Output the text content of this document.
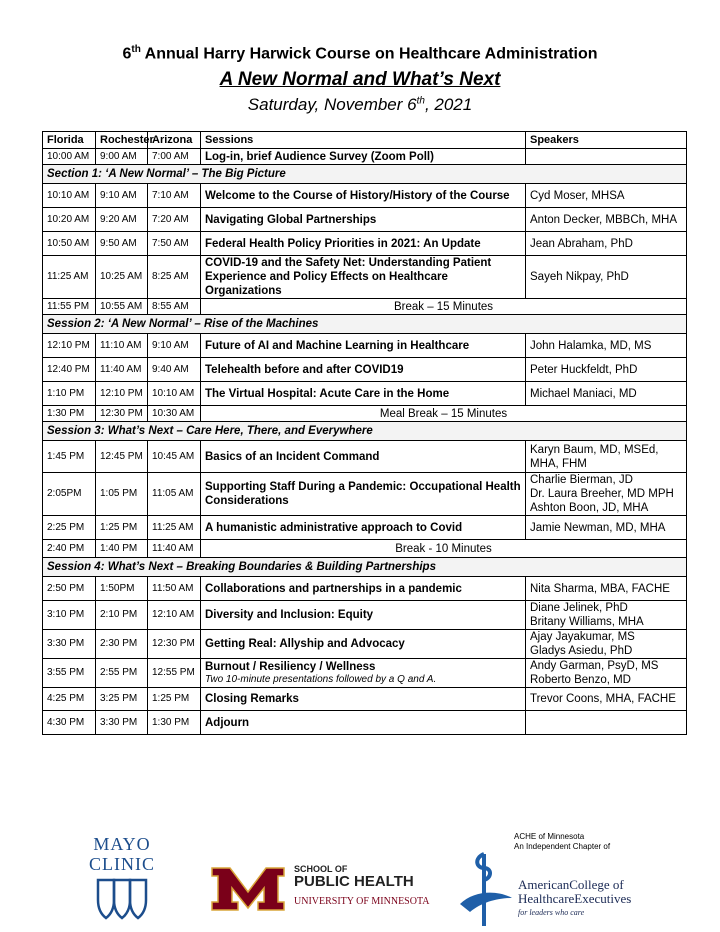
6th Annual Harry Harwick Course on Healthcare Administration
A New Normal and What’s Next
Saturday, November 6th, 2021
Florida	Rochester	Arizona	Sessions	Speakers
10:00 AM	9:00 AM	7:00 AM	Log-in, brief Audience Survey (Zoom Poll)	
Section 1: ‘A New Normal’ – The Big Picture				
10:10 AM	9:10 AM	7:10 AM	Welcome to the Course of History/History of the Course	Cyd Moser, MHSA

10:20 AM	9:20 AM	7:20 AM	Navigating Global Partnerships	Anton Decker, MBBCh, MHA

10:50 AM	9:50 AM	7:50 AM	Federal Health Policy Priorities in 2021: An Update	Jean Abraham, PhD

11:25 AM	10:25 AM	8:25 AM	COVID-19 and the Safety Net: Understanding Patient Experience and Policy Effects on Healthcare Organizations	Sayeh Nikpay, PhD

11:55 PM	10:55 AM	8:55 AM	Break – 15 Minutes	
Session 2: ‘A New Normal’ – Rise of the Machines				
12:10 PM	11:10 AM	9:10 AM	Future of AI and Machine Learning in Healthcare	John Halamka, MD, MS

12:40 PM	11:40 AM	9:40 AM	Telehealth before and after COVID19	Peter Huckfeldt, PhD

1:10 PM	12:10 PM	10:10 AM	The Virtual Hospital: Acute Care in the Home	Michael Maniaci, MD

1:30 PM	12:30 PM	10:30 AM	Meal Break – 15 Minutes	
Session 3: What’s Next – Care Here, There, and Everywhere				
1:45 PM	12:45 PM	10:45 AM	Basics of an Incident Command	Karyn Baum, MD, MSEd,
MHA, FHM

2:05PM	1:05 PM	11:05 AM	Supporting Staff During a Pandemic: Occupational Health Considerations	Charlie Bierman, JD
Dr. Laura Breeher, MD MPH
Ashton Boon, JD, MHA

2:25 PM	1:25 PM	11:25 AM	A humanistic administrative approach to Covid	Jamie Newman, MD, MHA

2:40 PM	1:40 PM	11:40 AM	Break - 10 Minutes	
Session 4: What’s Next – Breaking Boundaries & Building Partnerships				
2:50 PM	1:50PM	11:50 AM	Collaborations and partnerships in a pandemic	Nita Sharma, MBA, FACHE

3:10 PM	2:10 PM	12:10 AM	Diversity and Inclusion: Equity	Diane Jelinek, PhD
Britany Williams, MHA

3:30 PM	2:30 PM	12:30 PM	Getting Real: Allyship and Advocacy	Ajay Jayakumar, MS
Gladys Asiedu, PhD

3:55 PM	2:55 PM	12:55 PM	Burnout / Resiliency / Wellness
Two 10-minute presentations followed by a Q and A.	Andy Garman, PsyD, MS
Roberto Benzo, MD

4:25 PM	3:25 PM	1:25 PM	Closing Remarks	Trevor Coons, MHA, FACHE

4:30 PM	3:30 PM	1:30 PM	Adjourn	
MAYO
CLINIC	SCHOOL OF
PUBLIC HEALTH
UNIVERSITY OF MINNESOTA
ACHE of Minnesota
An Independent Chapter of
AmericanCollege of
HealthcareExecutives
for leaders who care
